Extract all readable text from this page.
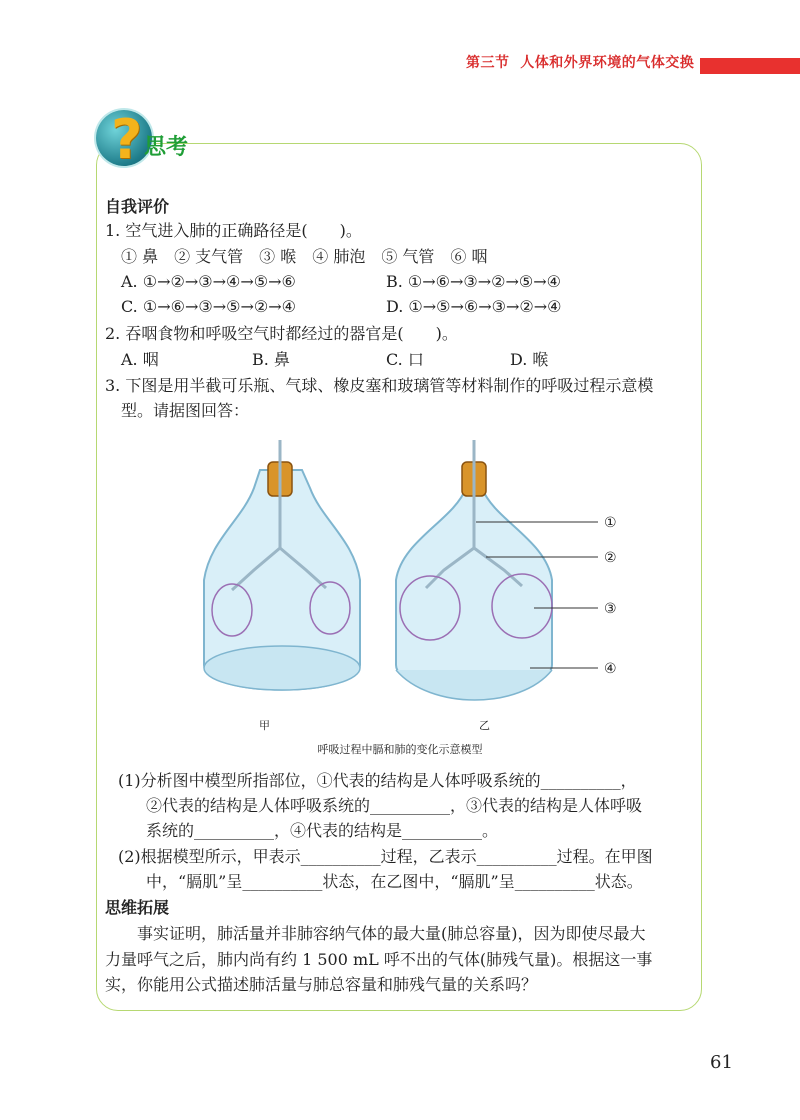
第三节  人体和外界环境的气体交换
? 思考
自我评价
1. 空气进入肺的正确路径是(　　)。
① 鼻　② 支气管　③ 喉　④ 肺泡　⑤ 气管　⑥ 咽
A. ①→②→③→④→⑤→⑥	B. ①→⑥→③→②→⑤→④
C. ①→⑥→③→⑤→②→④	D. ①→⑤→⑥→③→②→④
2. 吞咽食物和呼吸空气时都经过的器官是(　　)。
A. 咽	B. 鼻	C. 口	D. 喉
3. 下图是用半截可乐瓶、气球、橡皮塞和玻璃管等材料制作的呼吸过程示意模
型。请据图回答：
①
②
③
④
甲	乙
呼吸过程中膈和肺的变化示意模型
(1)分析图中模型所指部位，①代表的结构是人体呼吸系统的__________，
②代表的结构是人体呼吸系统的__________，③代表的结构是人体呼吸
系统的__________，④代表的结构是__________。
(2)根据模型所示，甲表示__________过程，乙表示__________过程。在甲图
中，“膈肌”呈__________状态，在乙图中，“膈肌”呈__________状态。
思维拓展
事实证明，肺活量并非肺容纳气体的最大量(肺总容量)，因为即使尽最大
力量呼气之后，肺内尚有约 1 500 mL 呼不出的气体(肺残气量)。根据这一事
实，你能用公式描述肺活量与肺总容量和肺残气量的关系吗？
61
